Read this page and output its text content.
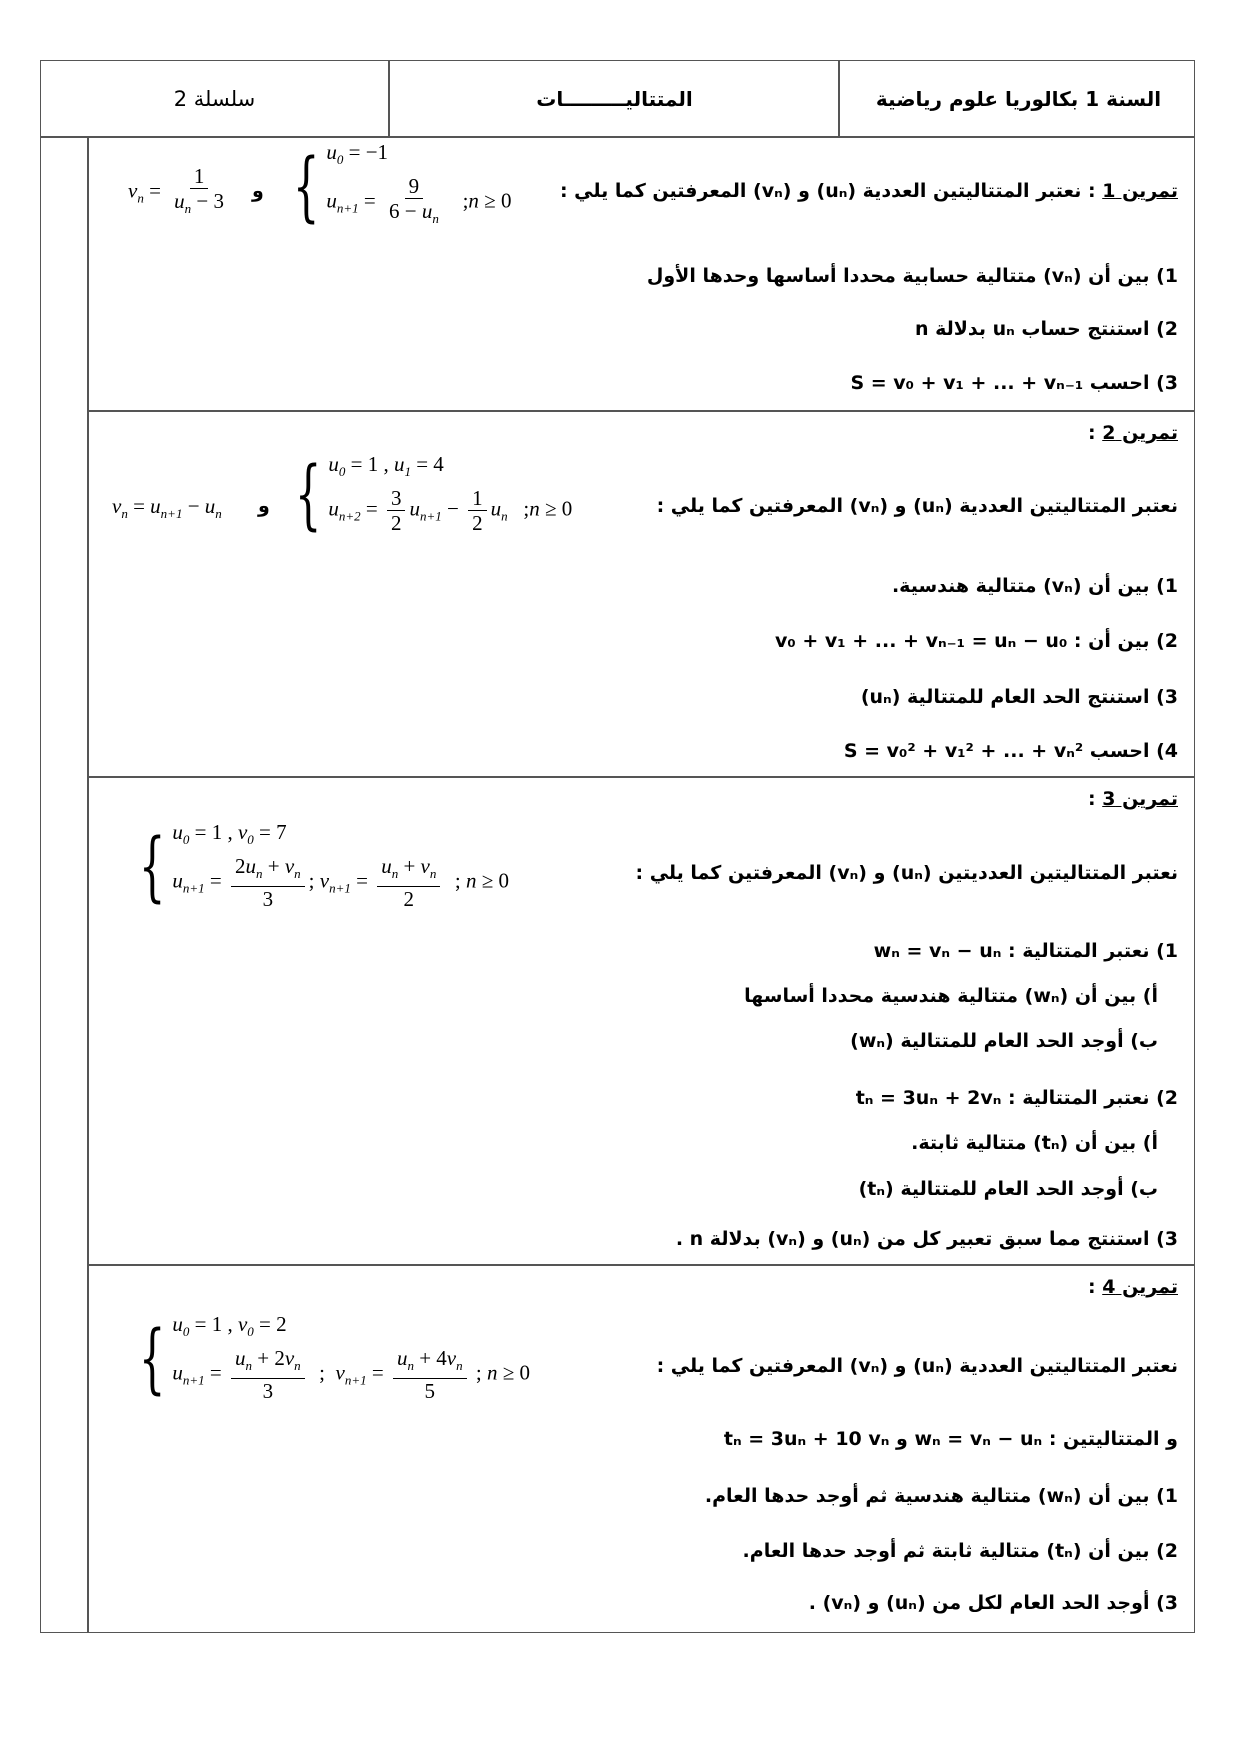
السنة 1 بكالوريا علوم رياضية
المتتاليـــــــــات
سلسلة 2
تمرين 1 : نعتبر المتتاليتين العددية (uₙ) و (vₙ) المعرفتين كما يلي :
{ $u_0 = -1$
$u_{n+1} = \frac{9}{6 - u_n}$ ;n ≥ 0
و
$v_n = \frac{1}{u_n - 3}$
1) بين أن (vₙ) متتالية حسابية محددا أساسها وحدها الأول
2) استنتج حساب uₙ بدلالة n
3) احسب S = v₀ + v₁ + ... + vₙ₋₁
تمرين 2 :
نعتبر المتتاليتين العددية (uₙ) و (vₙ) المعرفتين كما يلي :
{ $u_0 = 1$ , $u_1 = 4$
$u_{n+2} = \frac{3}{2} u_{n+1} - \frac{1}{2} u_n$   ;n ≥ 0
و
$v_n = u_{n+1} - u_n$
1) بين أن (vₙ) متتالية هندسية.
2) بين أن : v₀ + v₁ + ... + vₙ₋₁ = uₙ − u₀
3) استنتج الحد العام للمتتالية (uₙ)
4) احسب S = v₀² + v₁² + ... + vₙ²
تمرين 3 :
نعتبر المتتاليتين العدديتين (uₙ) و (vₙ) المعرفتين كما يلي :
{ $u_0 = 1$ , $v_0 = 7$
$u_{n+1} = \frac{2u_n + v_n}{3}$ ; $v_{n+1} = \frac{u_n + v_n}{2}$ ; n ≥ 0
1) نعتبر المتتالية : wₙ = vₙ − uₙ
أ) بين أن (wₙ) متتالية هندسية محددا أساسها
ب) أوجد الحد العام للمتتالية (wₙ)
2) نعتبر المتتالية : tₙ = 3uₙ + 2vₙ
أ) بين أن (tₙ) متتالية ثابتة.
ب) أوجد الحد العام للمتتالية (tₙ)
3) استنتج مما سبق تعبير كل من (uₙ) و (vₙ) بدلالة n .
تمرين 4 :
نعتبر المتتاليتين العددية (uₙ) و (vₙ) المعرفتين كما يلي :
{ $u_0 = 1$ , $v_0 = 2$
$u_{n+1} = \frac{u_n + 2v_n}{3}$ ;  $v_{n+1} = \frac{u_n + 4v_n}{5}$ ; n ≥ 0
و المتتاليتين : wₙ = vₙ − uₙ و tₙ = 3uₙ + 10 vₙ
1) بين أن (wₙ) متتالية هندسية ثم أوجد حدها العام.
2) بين أن (tₙ) متتالية ثابتة ثم أوجد حدها العام.
3) أوجد الحد العام لكل من (uₙ) و (vₙ) .
